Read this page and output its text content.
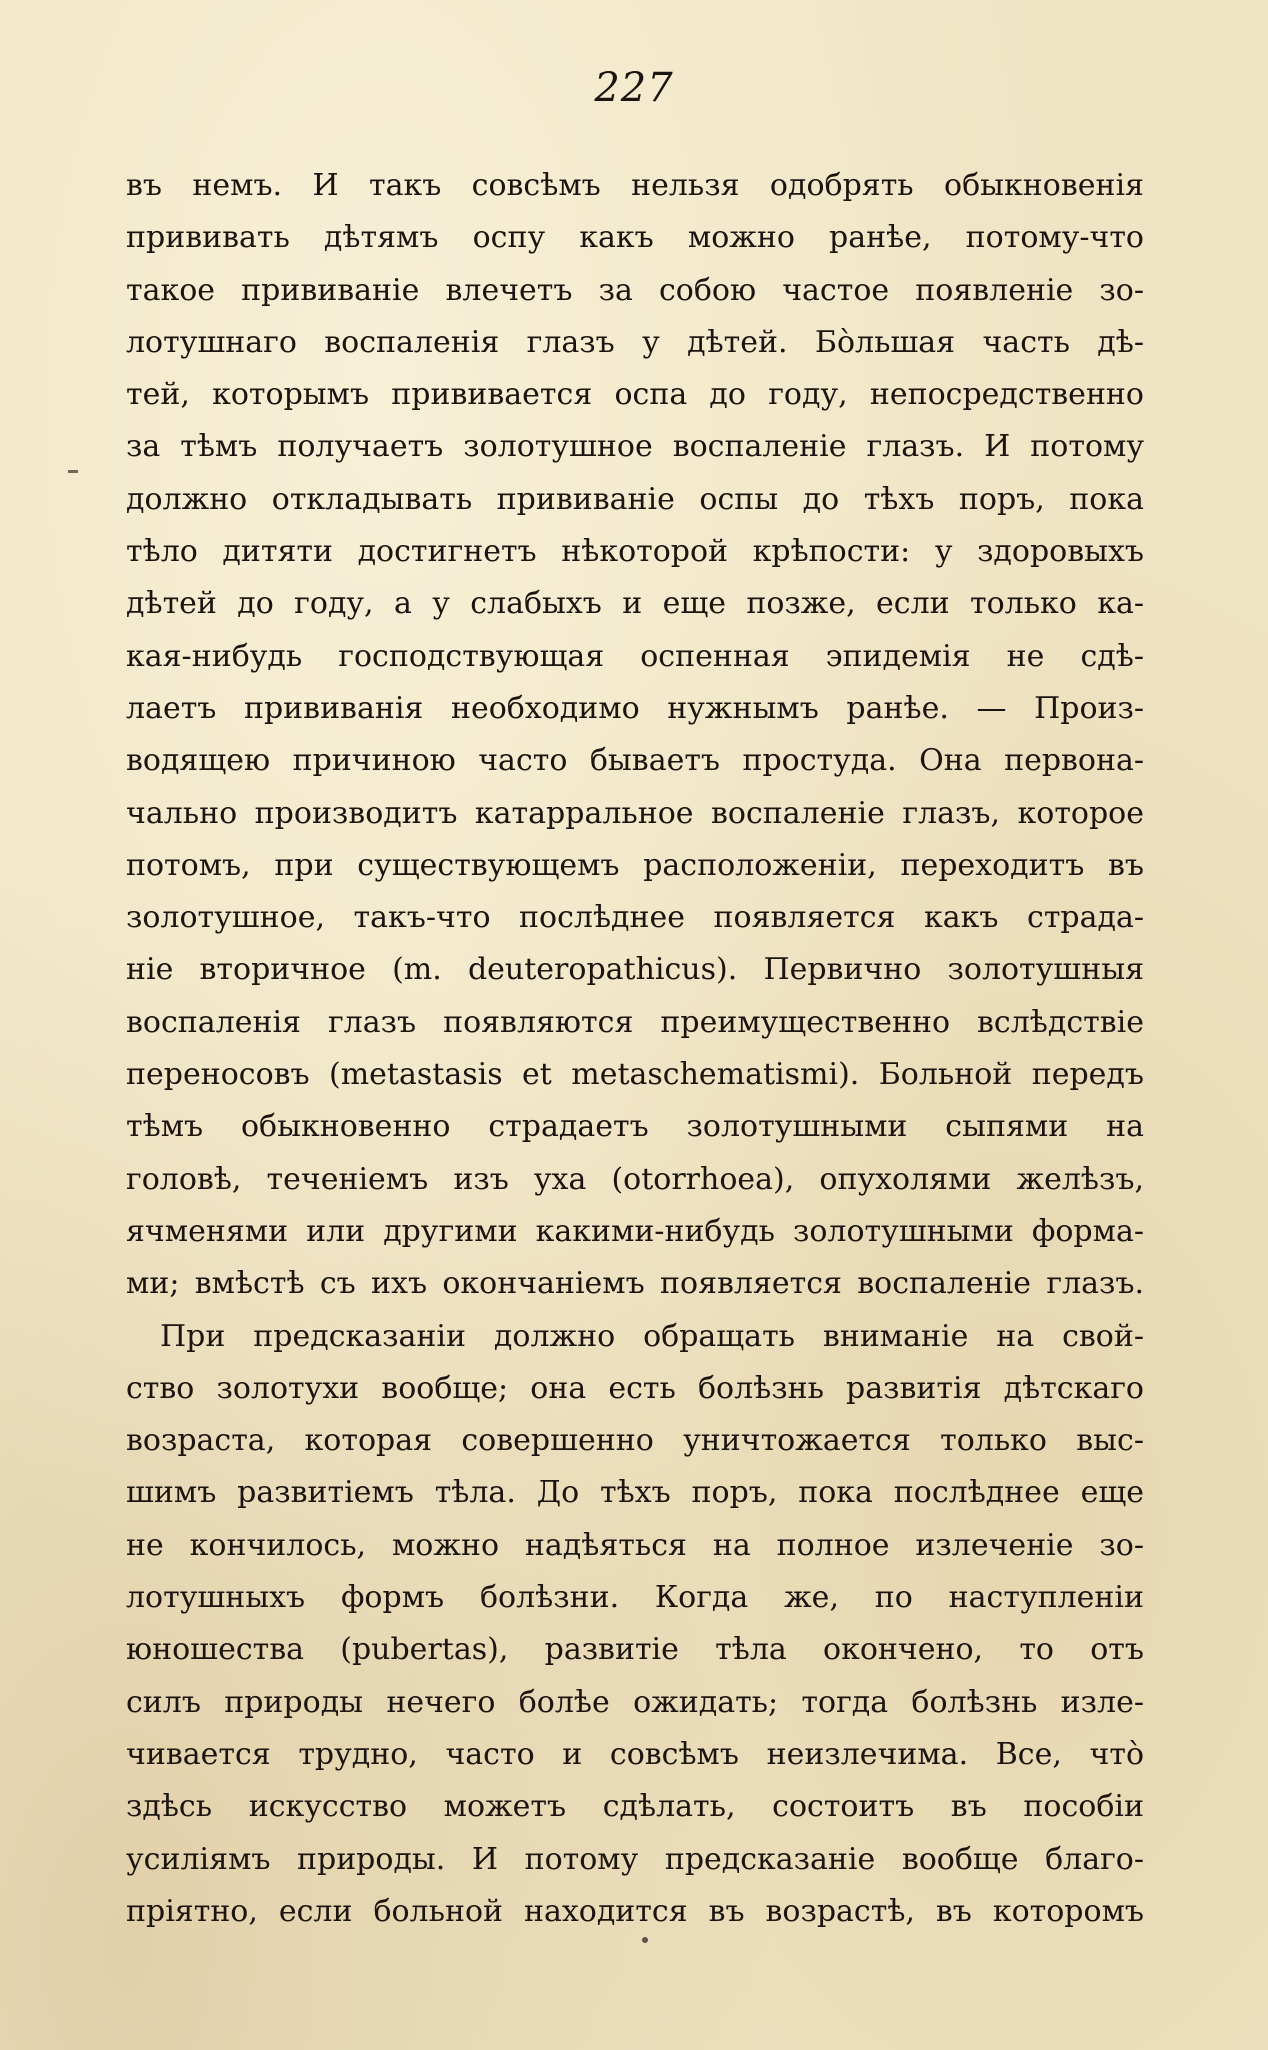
227
въ немъ. И такъ совсѣмъ нельзя одобрять обыкновенія
прививать дѣтямъ оспу какъ можно ранѣе, потому-что
такое прививаніе влечетъ за собою частое появленіе зо-
лотушнаго воспаленія глазъ у дѣтей. Бо̀льшая часть дѣ-
тей, которымъ прививается оспа до году, непосредственно
за тѣмъ получаетъ золотушное воспаленіе глазъ. И потому
должно откладывать прививаніе оспы до тѣхъ поръ, пока
тѣло дитяти достигнетъ нѣкоторой крѣпости: у здоровыхъ
дѣтей до году, а у слабыхъ и еще позже, если только ка-
кая-нибудь господствующая оспенная эпидемія не сдѣ-
лаетъ прививанія необходимо нужнымъ ранѣе. — Произ-
водящею причиною часто бываетъ простуда. Она первона-
чально производитъ катарральное воспаленіе глазъ, которое
потомъ, при существующемъ расположеніи, переходитъ въ
золотушное, такъ-что послѣднее появляется какъ страда-
ніе вторичное (m. deuteropathicus). Первично золотушныя
воспаленія глазъ появляются преимущественно вслѣдствіе
переносовъ (metastasis et metaschematismi). Больной передъ
тѣмъ обыкновенно страдаетъ золотушными сыпями на
головѣ, теченіемъ изъ уха (otorrhoea), опухолями желѣзъ,
ячменями или другими какими-нибудь золотушными форма-
ми; вмѣстѣ съ ихъ окончаніемъ появляется воспаленіе глазъ.
При предсказаніи должно обращать вниманіе на свой-
ство золотухи вообще; она есть болѣзнь развитія дѣтскаго
возраста, которая совершенно уничтожается только выс-
шимъ развитіемъ тѣла. До тѣхъ поръ, пока послѣднее еще
не кончилось, можно надѣяться на полное излеченіе зо-
лотушныхъ формъ болѣзни. Когда же, по наступленіи
юношества (pubertas), развитіе тѣла окончено, то отъ
силъ природы нечего болѣе ожидать; тогда болѣзнь изле-
чивается трудно, часто и совсѣмъ неизлечима. Все, что̀
здѣсь искусство можетъ сдѣлать, состоитъ въ пособіи
усиліямъ природы. И потому предсказаніе вообще благо-
пріятно, если больной находится въ возрастѣ, въ которомъ
